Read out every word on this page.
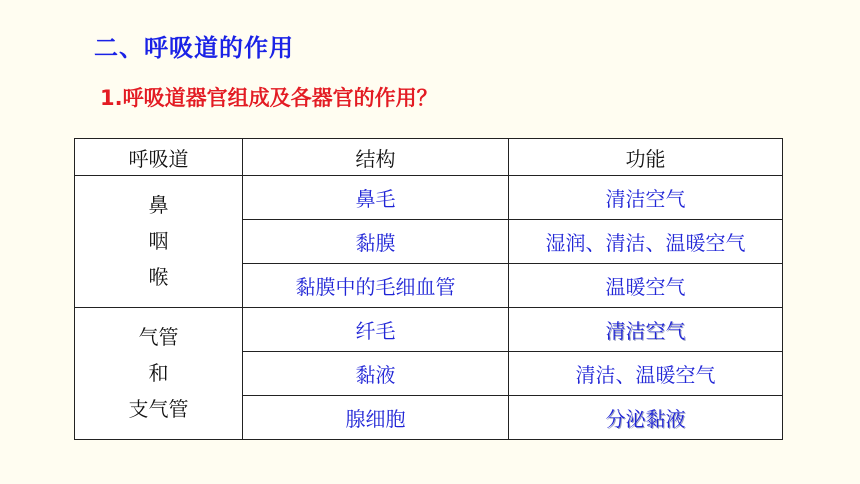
二、呼吸道的作用
1.呼吸道器官组成及各器官的作用？
呼吸道	结构	功能

鼻
咽
喉	鼻毛	清洁空气
	黏膜	湿润、清洁、温暖空气
	黏膜中的毛细血管	温暖空气

气管
和
支气管	纤毛	清洁空气
	黏液	清洁、温暖空气
	腺细胞	分泌黏液
